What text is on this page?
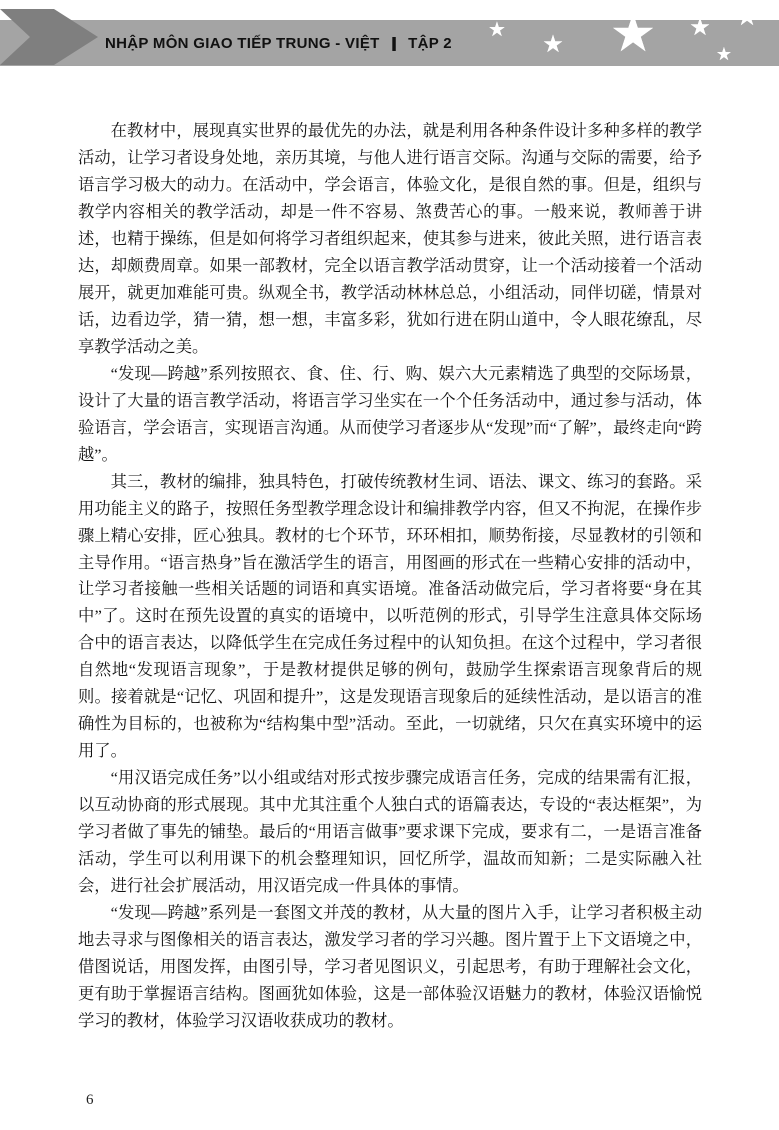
NHẬP MÔN GIAO TIẾP TRUNG - VIỆT | TẬP 2
★
★ ★ ★ ★
★

在教材中，展现真实世界的最优先的办法，就是利用各种条件设计多种多样的教学活动，让学习者设身处地，亲历其境，与他人进行语言交际。沟通与交际的需要，给予语言学习极大的动力。在活动中，学会语言，体验文化，是很自然的事。但是，组织与教学内容相关的教学活动，却是一件不容易、煞费苦心的事。一般来说，教师善于讲述，也精于操练，但是如何将学习者组织起来，使其参与进来，彼此关照，进行语言表达，却颇费周章。如果一部教材，完全以语言教学活动贯穿，让一个活动接着一个活动展开，就更加难能可贵。纵观全书，教学活动林林总总，小组活动，同伴切磋，情景对话，边看边学，猜一猜，想一想，丰富多彩，犹如行进在阴山道中，令人眼花缭乱，尽享教学活动之美。

“发现—跨越”系列按照衣、食、住、行、购、娱六大元素精选了典型的交际场景，设计了大量的语言教学活动，将语言学习坐实在一个个任务活动中，通过参与活动，体验语言，学会语言，实现语言沟通。从而使学习者逐步从“发现”而“了解”，最终走向“跨越”。

其三，教材的编排，独具特色，打破传统教材生词、语法、课文、练习的套路。采用功能主义的路子，按照任务型教学理念设计和编排教学内容，但又不拘泥，在操作步骤上精心安排，匠心独具。教材的七个环节，环环相扣，顺势衔接，尽显教材的引领和主导作用。“语言热身”旨在激活学生的语言，用图画的形式在一些精心安排的活动中，让学习者接触一些相关话题的词语和真实语境。准备活动做完后，学习者将要“身在其中”了。这时在预先设置的真实的语境中，以听范例的形式，引导学生注意具体交际场合中的语言表达，以降低学生在完成任务过程中的认知负担。在这个过程中，学习者很自然地“发现语言现象”，于是教材提供足够的例句，鼓励学生探索语言现象背后的规则。接着就是“记忆、巩固和提升”，这是发现语言现象后的延续性活动，是以语言的准确性为目标的，也被称为“结构集中型”活动。至此，一切就绪，只欠在真实环境中的运用了。

“用汉语完成任务”以小组或结对形式按步骤完成语言任务，完成的结果需有汇报，以互动协商的形式展现。其中尤其注重个人独白式的语篇表达，专设的“表达框架”，为学习者做了事先的铺垫。最后的“用语言做事”要求课下完成，要求有二，一是语言准备活动，学生可以利用课下的机会整理知识，回忆所学，温故而知新；二是实际融入社会，进行社会扩展活动，用汉语完成一件具体的事情。

“发现—跨越”系列是一套图文并茂的教材，从大量的图片入手，让学习者积极主动地去寻求与图像相关的语言表达，激发学习者的学习兴趣。图片置于上下文语境之中，借图说话，用图发挥，由图引导，学习者见图识义，引起思考，有助于理解社会文化，更有助于掌握语言结构。图画犹如体验，这是一部体验汉语魅力的教材，体验汉语愉悦学习的教材，体验学习汉语收获成功的教材。

6
